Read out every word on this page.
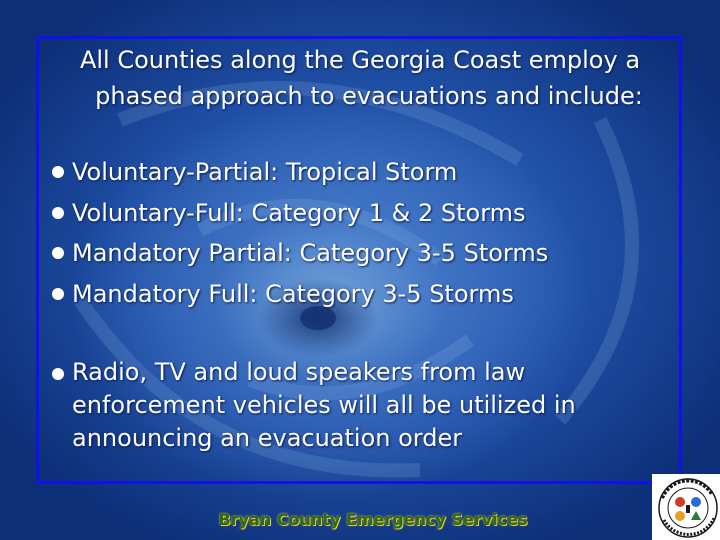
All Counties along the Georgia Coast employ a
phased approach to evacuations and include:
Voluntary-Partial: Tropical Storm
Voluntary-Full: Category 1 & 2 Storms
Mandatory Partial: Category 3-5 Storms
Mandatory Full: Category 3-5 Storms
Radio, TV and loud speakers from law enforcement vehicles will all be utilized in announcing an evacuation order
Bryan County Emergency Services
